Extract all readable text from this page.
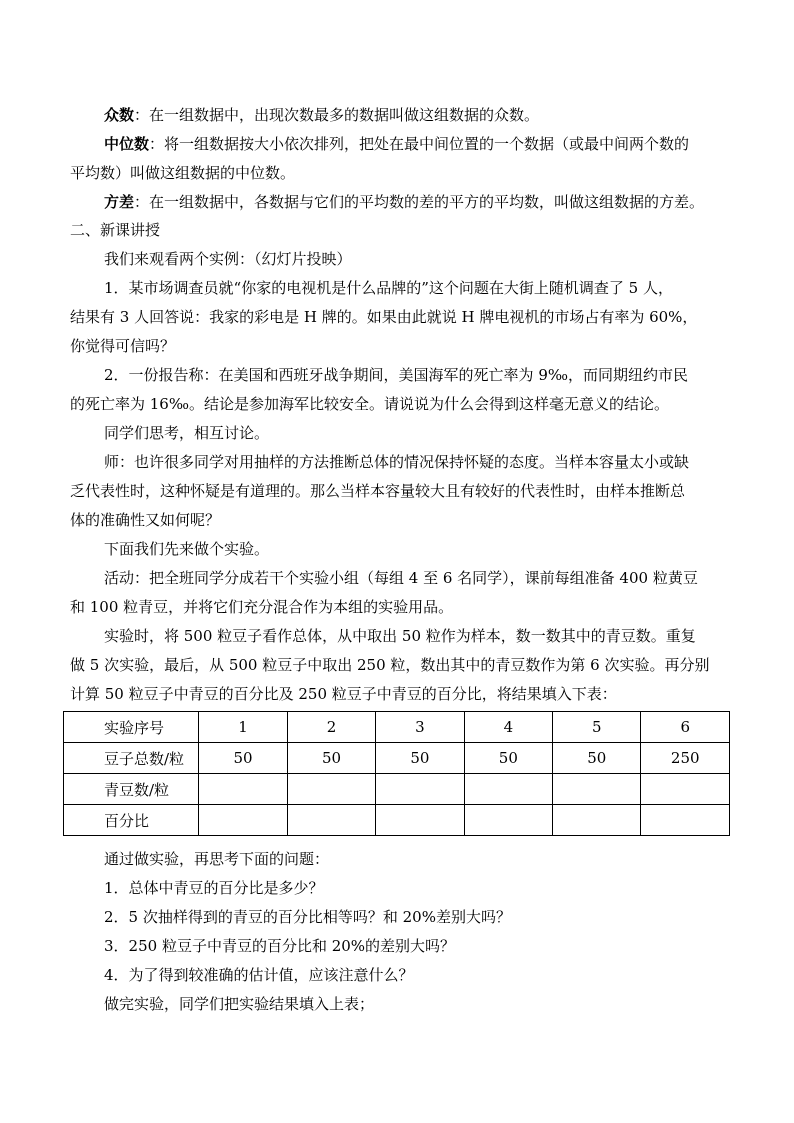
众数：在一组数据中，出现次数最多的数据叫做这组数据的众数。
中位数：将一组数据按大小依次排列，把处在最中间位置的一个数据（或最中间两个数的
平均数）叫做这组数据的中位数。
方差：在一组数据中，各数据与它们的平均数的差的平方的平均数，叫做这组数据的方差。
二、新课讲授
我们来观看两个实例：（幻灯片投映）
1．某市场调查员就“你家的电视机是什么品牌的”这个问题在大街上随机调查了 5 人，
结果有 3 人回答说：我家的彩电是 H 牌的。如果由此就说 H 牌电视机的市场占有率为 60%，
你觉得可信吗？
2．一份报告称：在美国和西班牙战争期间，美国海军的死亡率为 9‰，而同期纽约市民
的死亡率为 16‰。结论是参加海军比较安全。请说说为什么会得到这样毫无意义的结论。
同学们思考，相互讨论。
师：也许很多同学对用抽样的方法推断总体的情况保持怀疑的态度。当样本容量太小或缺
乏代表性时，这种怀疑是有道理的。那么当样本容量较大且有较好的代表性时，由样本推断总
体的准确性又如何呢？
下面我们先来做个实验。
活动：把全班同学分成若干个实验小组（每组 4 至 6 名同学），课前每组准备 400 粒黄豆
和 100 粒青豆，并将它们充分混合作为本组的实验用品。
实验时，将 500 粒豆子看作总体，从中取出 50 粒作为样本，数一数其中的青豆数。重复
做 5 次实验，最后，从 500 粒豆子中取出 250 粒，数出其中的青豆数作为第 6 次实验。再分别
计算 50 粒豆子中青豆的百分比及 250 粒豆子中青豆的百分比，将结果填入下表：
实验序号	1	2	3	4	5	6
豆子总数/粒	50	50	50	50	50	250
青豆数/粒						
百分比						
通过做实验，再思考下面的问题：
1．总体中青豆的百分比是多少？
2．5 次抽样得到的青豆的百分比相等吗？和 20%差别大吗？
3．250 粒豆子中青豆的百分比和 20%的差别大吗？
4．为了得到较准确的估计值，应该注意什么？
做完实验，同学们把实验结果填入上表；
